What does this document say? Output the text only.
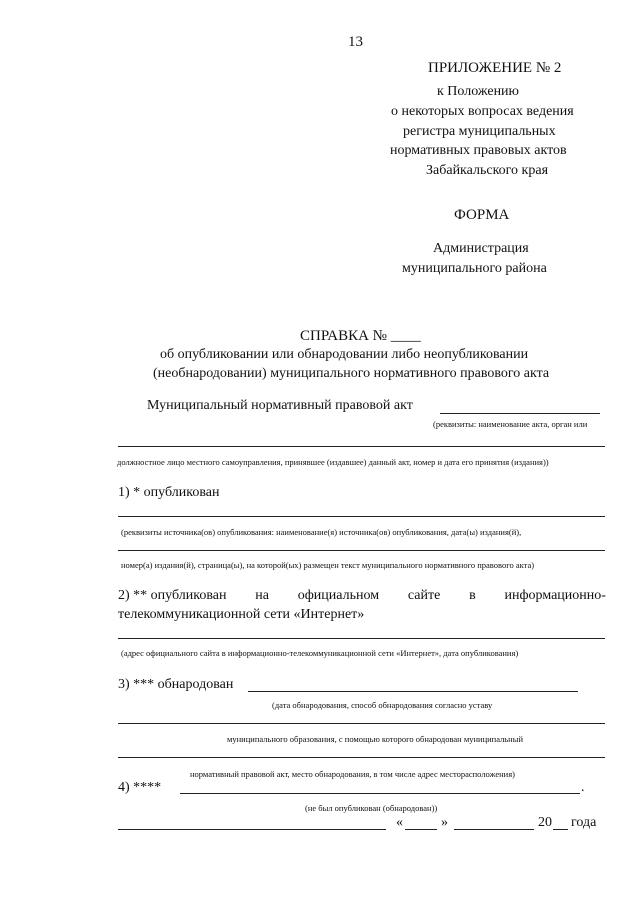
13
ПРИЛОЖЕНИЕ № 2
к Положению
о некоторых вопросах ведения
регистра муниципальных
нормативных правовых актов
Забайкальского края
ФОРМА
Администрация
муниципального района
СПРАВКА № ____
об опубликовании или обнародовании либо неопубликовании
(необнародовании) муниципального нормативного правового акта
Муниципальный нормативный правовой акт
(реквизиты: наименование акта, орган или
должностное лицо местного самоуправления, принявшее (издавшее) данный акт, номер и дата его принятия (издания))
1) * опубликован
(реквизиты источника(ов) опубликования: наименование(я) источника(ов) опубликования, дата(ы) издания(й),
номер(а) издания(й), страница(ы), на которой(ых) размещен текст муниципального нормативного правового акта)
2) ** опубликован на официальном сайте в информационно-
телекоммуникационной сети «Интернет»
(адрес официального сайта в информационно-телекоммуникационной сети «Интернет», дата опубликования)
3) *** обнародован
(дата обнародования, способ обнародования согласно уставу
муниципального образования, с помощью которого обнародован муниципальный
нормативный правовой акт, место обнародования, в том числе адрес месторасположения)
4) ****	.
(не был опубликован (обнародован))
«	»	20 года
